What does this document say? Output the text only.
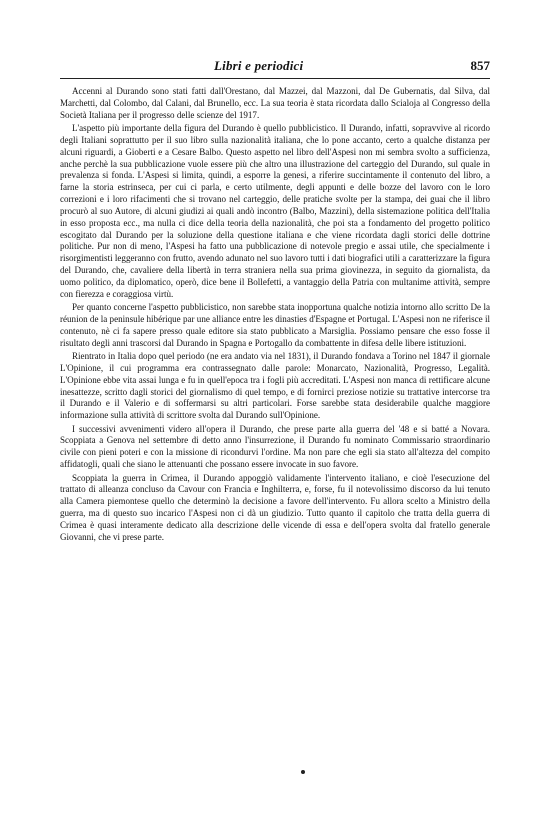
Libri e periodici	857

Accenni al Durando sono stati fatti dall'Orestano, dal Mazzei, dal Mazzoni, dal De Gubernatis, dal Silva, dal Marchetti, dal Colombo, dal Calani, dal Brunello, ecc. La sua teoria è stata ricordata dallo Scialoja al Congresso della Società Italiana per il progresso delle scienze del 1917.

L'aspetto più importante della figura del Durando è quello pubblicistico. Il Durando, infatti, sopravvive al ricordo degli Italiani soprattutto per il suo libro sulla nazionalità italiana, che lo pone accanto, certo a qualche distanza per alcuni riguardi, a Gioberti e a Cesare Balbo. Questo aspetto nel libro dell'Aspesi non mi sembra svolto a sufficienza, anche perchè la sua pubblicazione vuole essere più che altro una illustrazione del carteggio del Durando, sul quale in prevalenza si fonda. L'Aspesi si limita, quindi, a esporre la genesi, a riferire succintamente il contenuto del libro, a farne la storia estrinseca, per cui ci parla, e certo utilmente, degli appunti e delle bozze del lavoro con le loro correzioni e i loro rifacimenti che si trovano nel carteggio, delle pratiche svolte per la stampa, dei guai che il libro procurò al suo Autore, di alcuni giudizi ai quali andò incontro (Balbo, Mazzini), della sistemazione politica dell'Italia in esso proposta ecc., ma nulla ci dice della teoria della nazionalità, che poi sta a fondamento del progetto politico escogitato dal Durando per la soluzione della questione italiana e che viene ricordata dagli storici delle dottrine politiche. Pur non di meno, l'Aspesi ha fatto una pubblicazione di notevole pregio e assai utile, che specialmente i risorgimentisti leggeranno con frutto, avendo adunato nel suo lavoro tutti i dati biografici utili a caratterizzare la figura del Durando, che, cavaliere della libertà in terra straniera nella sua prima giovinezza, in seguito da giornalista, da uomo politico, da diplomatico, operò, dice bene il Bollefetti, a vantaggio della Patria con multanime attività, sempre con fierezza e coraggiosa virtù.

Per quanto concerne l'aspetto pubblicistico, non sarebbe stata inopportuna qualche notizia intorno allo scritto De la réunion de la peninsule hibérique par une alliance entre les dinasties d'Espagne et Portugal. L'Aspesi non ne riferisce il contenuto, nè ci fa sapere presso quale editore sia stato pubblicato a Marsiglia. Possiamo pensare che esso fosse il risultato degli anni trascorsi dal Durando in Spagna e Portogallo da combattente in difesa delle libere istituzioni.

Rientrato in Italia dopo quel periodo (ne era andato via nel 1831), il Durando fondava a Torino nel 1847 il giornale L'Opinione, il cui programma era contrassegnato dalle parole: Monarcato, Nazionalità, Progresso, Legalità. L'Opinione ebbe vita assai lunga e fu in quell'epoca tra i fogli più accreditati. L'Aspesi non manca di rettificare alcune inesattezze, scritto dagli storici del giornalismo di quel tempo, e di fornirci preziose notizie su trattative intercorse tra il Durando e il Valerio e di soffermarsi su altri particolari. Forse sarebbe stata desiderabile qualche maggiore informazione sulla attività di scrittore svolta dal Durando sull'Opinione.

I successivi avvenimenti videro all'opera il Durando, che prese parte alla guerra del '48 e si batté a Novara. Scoppiata a Genova nel settembre di detto anno l'insurrezione, il Durando fu nominato Commissario straordinario civile con pieni poteri e con la missione di ricondurvi l'ordine. Ma non pare che egli sia stato all'altezza del compito affidatogli, quali che siano le attenuanti che possano essere invocate in suo favore.

Scoppiata la guerra in Crimea, il Durando appoggiò validamente l'intervento italiano, e cioè l'esecuzione del trattato di alleanza concluso da Cavour con Francia e Inghilterra, e, forse, fu il notevolissimo discorso da lui tenuto alla Camera piemontese quello che determinò la decisione a favore dell'intervento. Fu allora scelto a Ministro della guerra, ma di questo suo incarico l'Aspesi non ci dà un giudizio. Tutto quanto il capitolo che tratta della guerra di Crimea è quasi interamente dedicato alla descrizione delle vicende di essa e dell'opera svolta dal fratello generale Giovanni, che vi prese parte.
